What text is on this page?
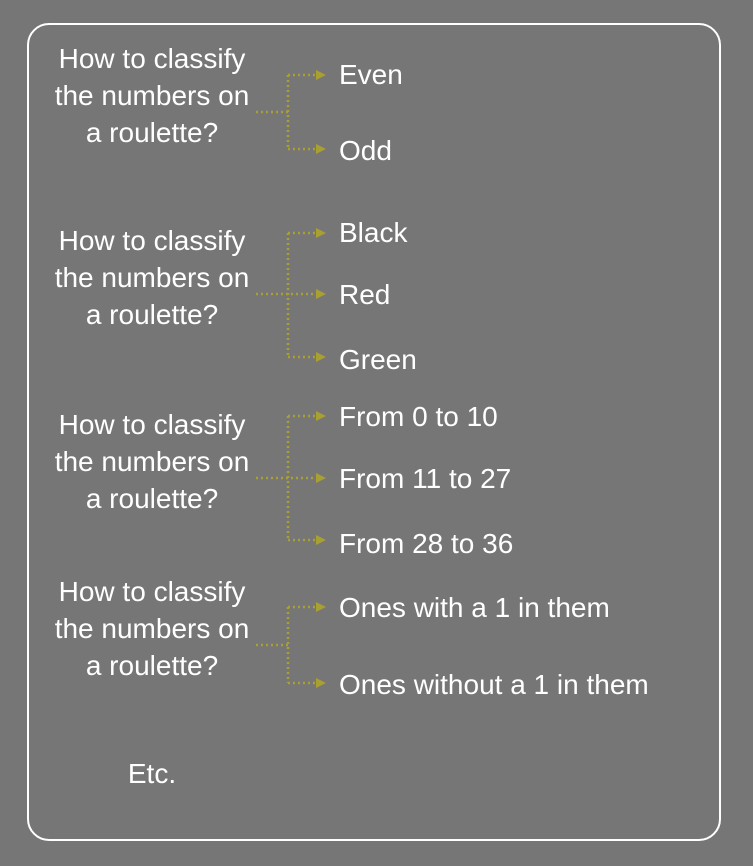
How to classify the numbers on a roulette?
Even
Odd
How to classify the numbers on a roulette?
Black
Red
Green
How to classify the numbers on a roulette?
From 0 to 10
From 11 to 27
From 28 to 36
How to classify the numbers on a roulette?
Ones with a 1 in them
Ones without a 1 in them
Etc.
